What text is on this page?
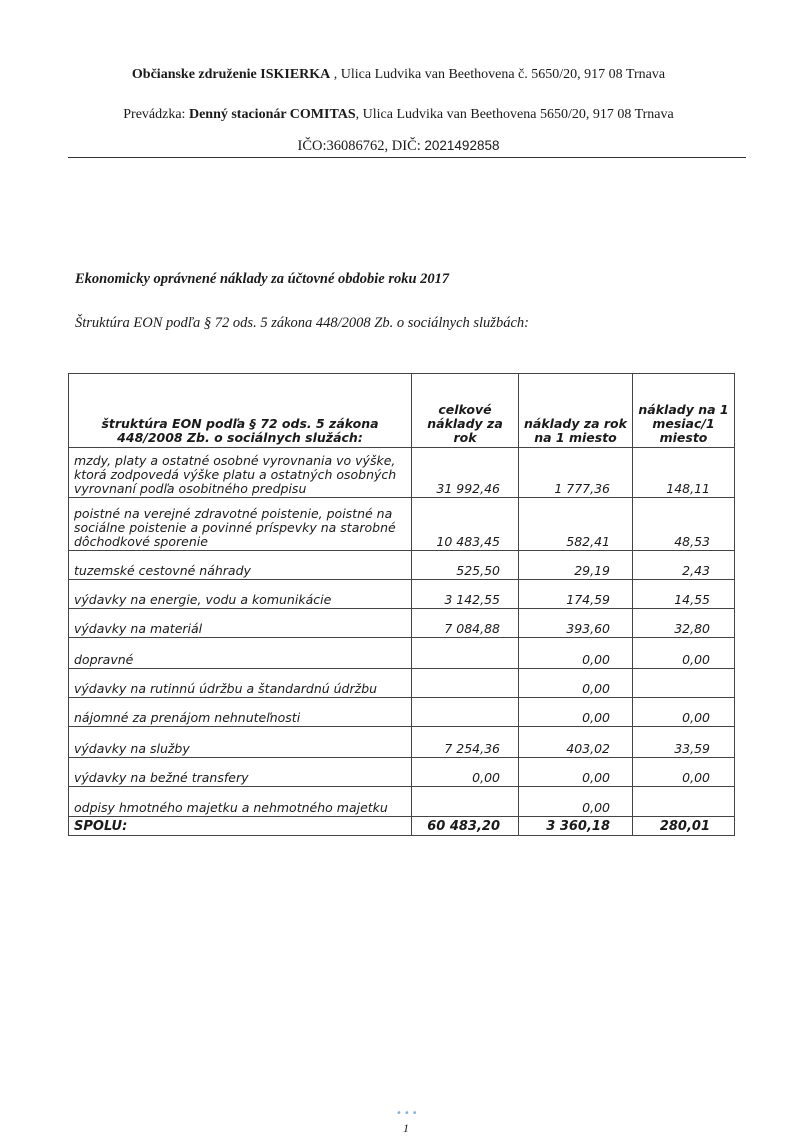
Občianske združenie ISKIERKA , Ulica Ludvika van Beethovena č. 5650/20, 917 08 Trnava
Prevádzka: Denný stacionár COMITAS, Ulica Ludvika van Beethovena 5650/20, 917 08 Trnava
IČO:36086762, DIČ: 2021492858
Ekonomicky oprávnené náklady za účtovné obdobie roku 2017
Štruktúra EON podľa § 72 ods. 5 zákona 448/2008 Zb. o sociálnych službách:
štruktúra EON podľa § 72 ods. 5 zákona 448/2008 Zb. o sociálnych služách:	celkové náklady za rok	náklady za rok na 1 miesto	náklady na 1 mesiac/1 miesto
mzdy, platy a ostatné osobné vyrovnania vo výške, ktorá zodpovedá výške platu a ostatných osobných vyrovnaní podľa osobitného predpisu	31 992,46	1 777,36	148,11
poistné na verejné zdravotné poistenie, poistné na sociálne poistenie a povinné príspevky na starobné dôchodkové sporenie	10 483,45	582,41	48,53
tuzemské cestovné náhrady	525,50	29,19	2,43
výdavky na energie, vodu a komunikácie	3 142,55	174,59	14,55
výdavky na materiál	7 084,88	393,60	32,80
dopravné		0,00	0,00
výdavky na rutinnú údržbu a štandardnú údržbu		0,00	
nájomné za prenájom nehnuteľnosti		0,00	0,00
výdavky na služby	7 254,36	403,02	33,59
výdavky na bežné transfery	0,00	0,00	0,00
odpisy hmotného majetku a nehmotného majetku		0,00	
SPOLU:	60 483,20	3 360,18	280,01
•••
1
